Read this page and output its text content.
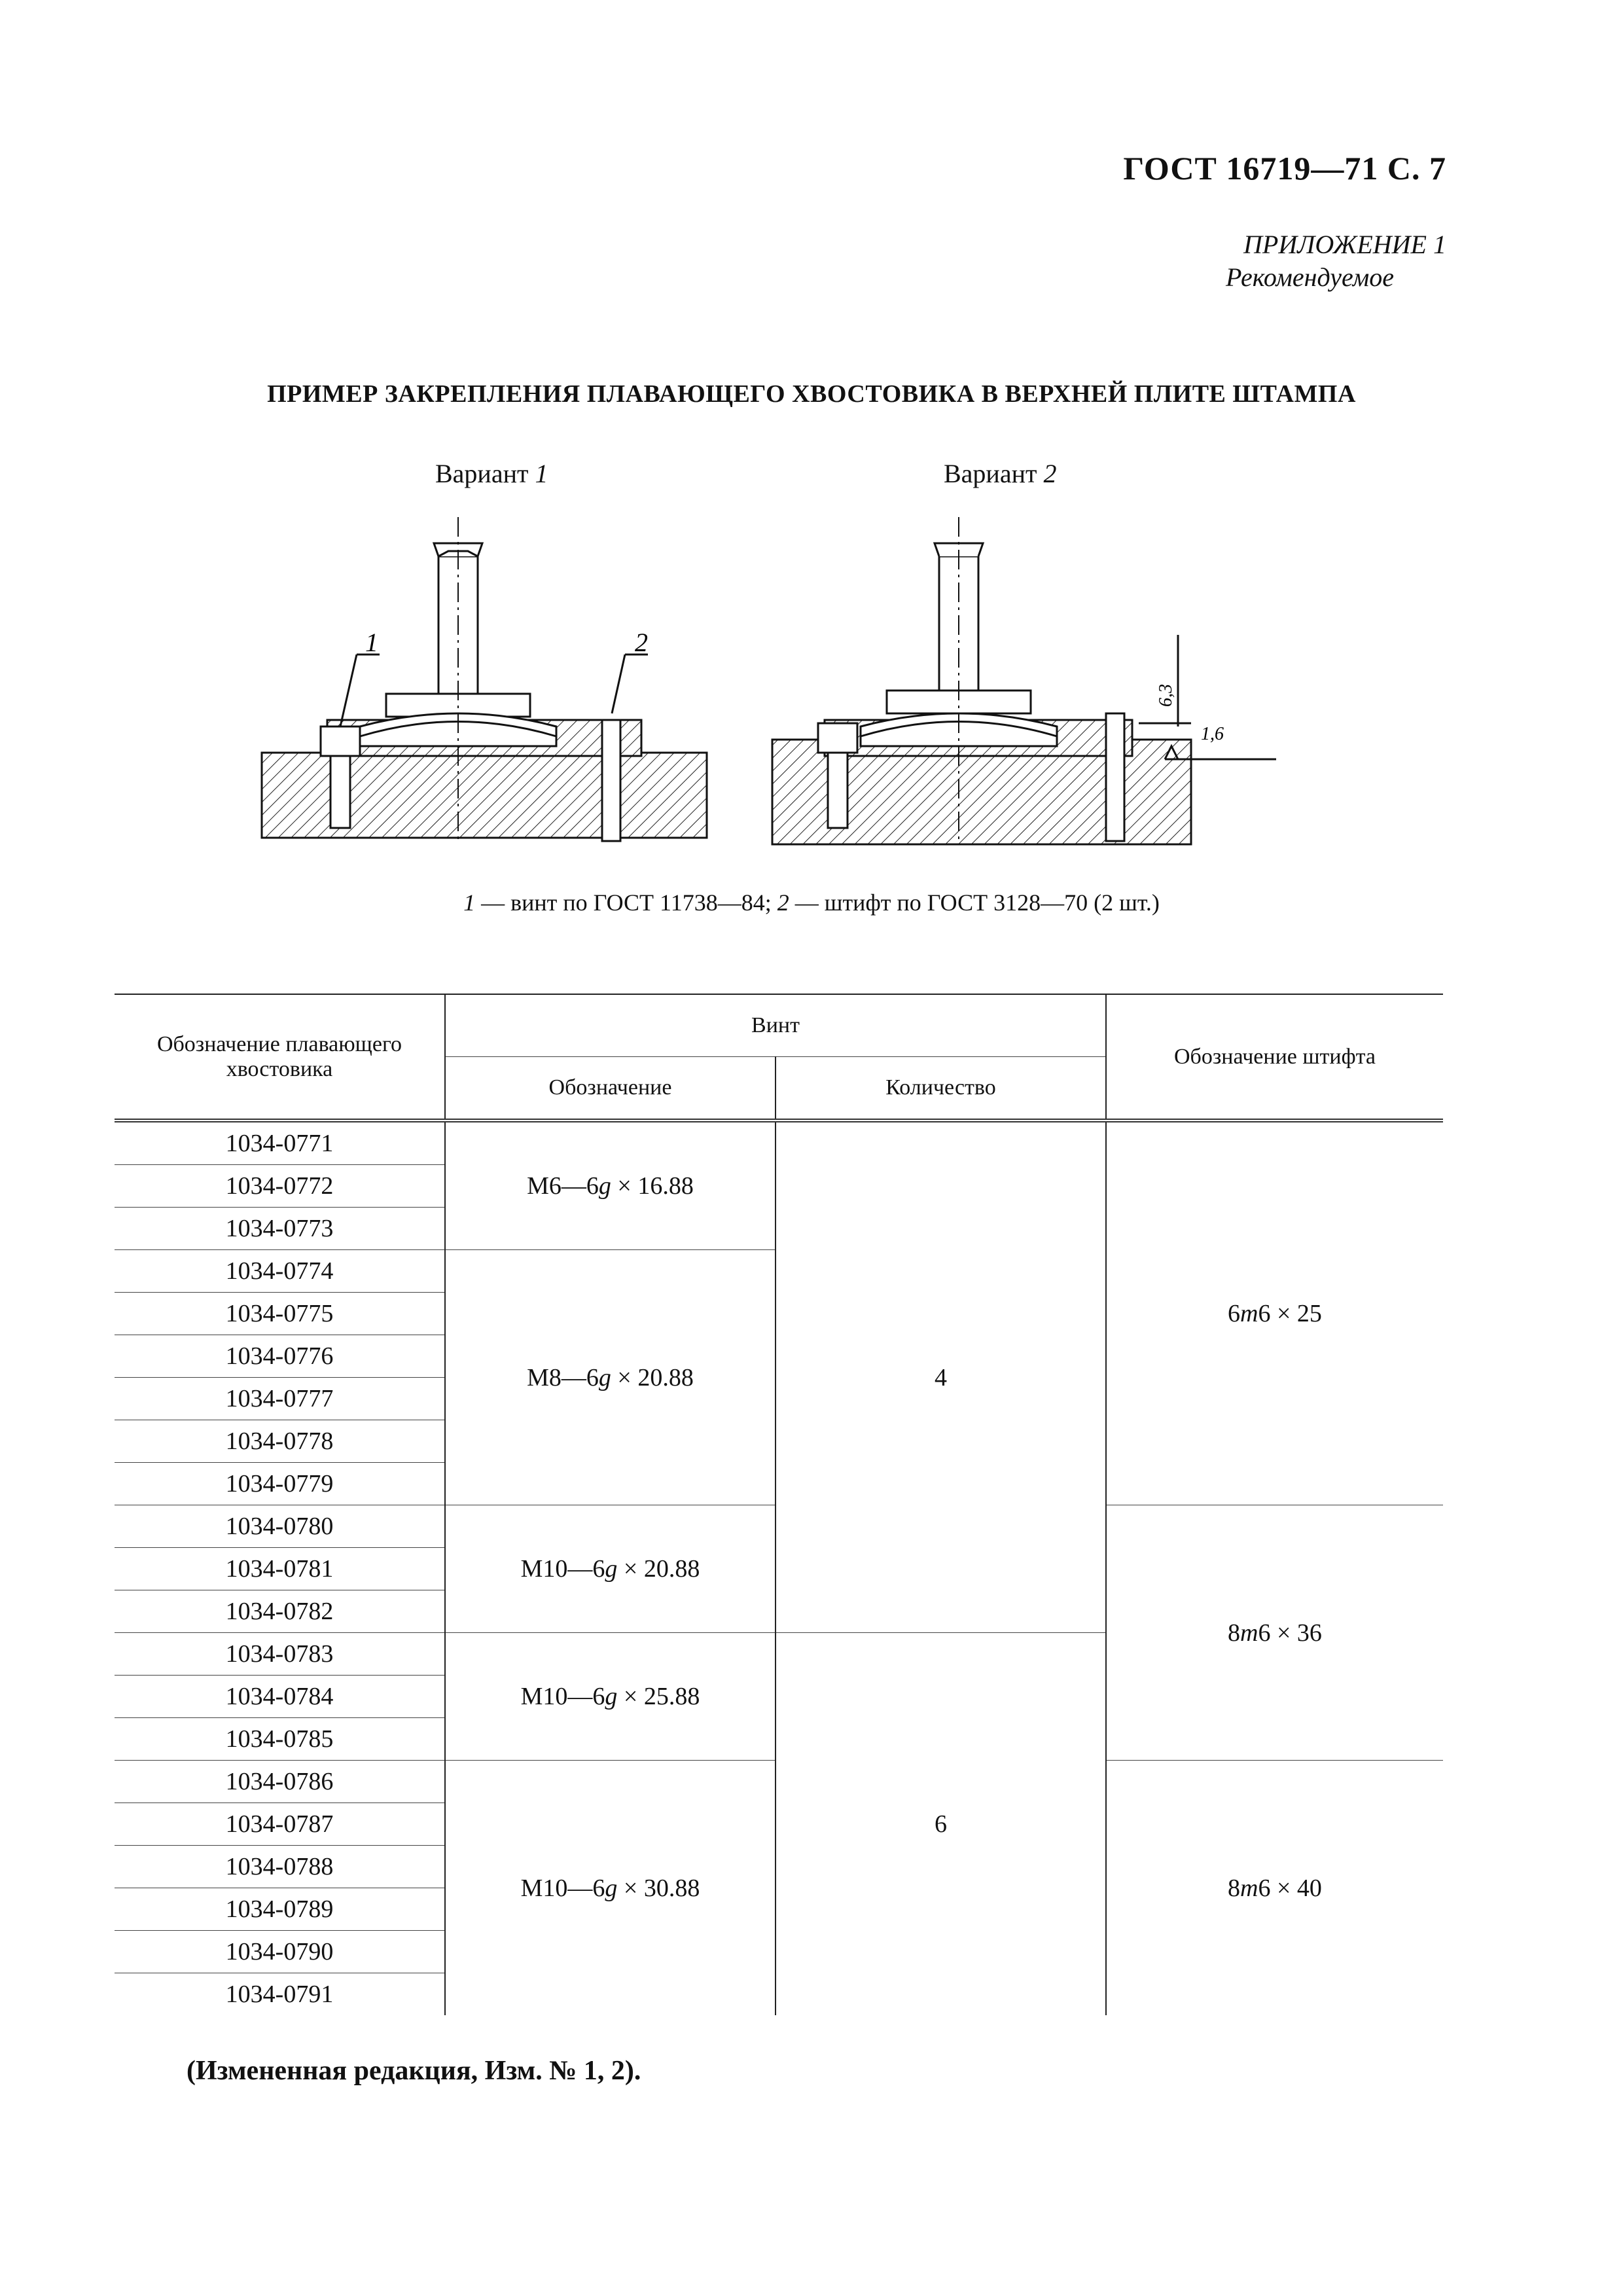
ГОСТ 16719—71 С. 7
ПРИЛОЖЕНИЕ 1
Рекомендуемое
ПРИМЕР ЗАКРЕПЛЕНИЯ ПЛАВАЮЩЕГО ХВОСТОВИКА В ВЕРХНЕЙ ПЛИТЕ ШТАМПА
Вариант 1	Вариант 2
1	2
6,3
1,6
1 — винт по ГОСТ 11738—84; 2 — штифт по ГОСТ 3128—70 (2 шт.)
Обозначение плавающего хвостовика	Винт		Обозначение штифта
	Обозначение	Количество	
1034-0771	М6—6g × 16.88	4	6m6 × 25
1034-0772			
1034-0773			
1034-0774	М8—6g × 20.88		
1034-0775			
1034-0776			
1034-0777			
1034-0778			
1034-0779			
1034-0780	М10—6g × 20.88		8m6 × 36
1034-0781			
1034-0782			
1034-0783	М10—6g × 25.88	6	
1034-0784			
1034-0785			
1034-0786	М10—6g × 30.88		8m6 × 40
1034-0787			
1034-0788			
1034-0789			
1034-0790			
1034-0791			
(Измененная редакция, Изм. № 1, 2).
